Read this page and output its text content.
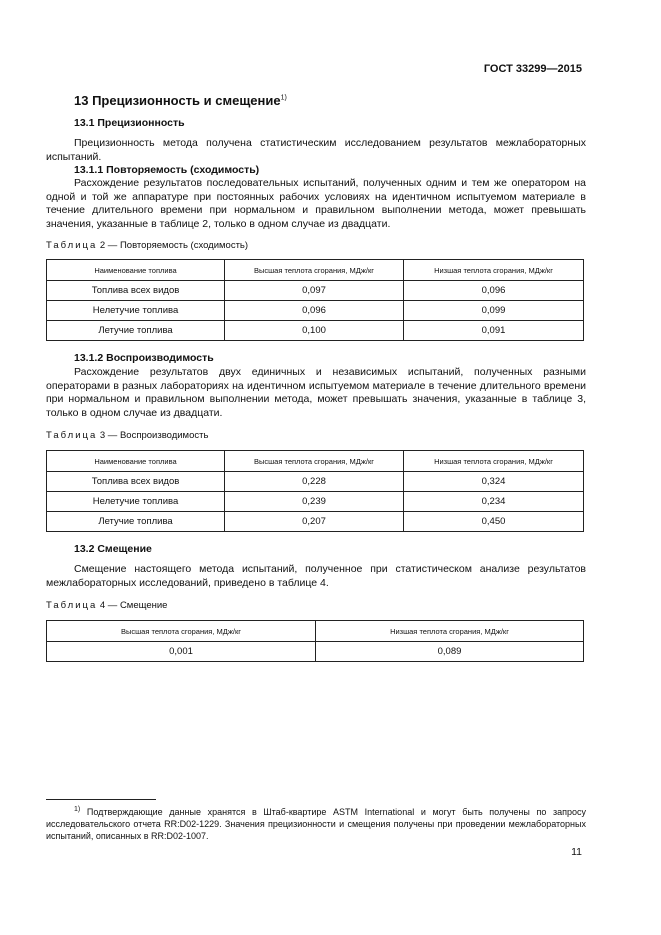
ГОСТ 33299—2015
13 Прецизионность и смещение$^{1)}$
13.1 Прецизионность

Прецизионность метода получена статистическим исследованием результатов межлабораторных испытаний.

13.1.1 Повторяемость (сходимость)

Расхождение результатов последовательных испытаний, полученных одним и тем же оператором на одной и той же аппаратуре при постоянных рабочих условиях на идентичном испытуемом материале в течение длительного времени при нормальном и правильном выполнении метода, может превышать значения, указанные в таблице 2, только в одном случае из двадцати.

Таблица 2 — Повторяемость (сходимость)
Наименование топлива	Высшая теплота сгорания, МДж/кг	Низшая теплота сгорания, МДж/кг
Топлива всех видов	0,097	0,096
Нелетучие топлива	0,096	0,099
Летучие топлива	0,100	0,091
13.1.2 Воспроизводимость

Расхождение результатов двух единичных и независимых испытаний, полученных разными операторами в разных лабораториях на идентичном испытуемом материале в течение длительного времени при нормальном и правильном выполнении метода, может превышать значения, указанные в таблице 3, только в одном случае из двадцати.

Таблица 3 — Воспроизводимость
Наименование топлива	Высшая теплота сгорания, МДж/кг	Низшая теплота сгорания, МДж/кг
Топлива всех видов	0,228	0,324
Нелетучие топлива	0,239	0,234
Летучие топлива	0,207	0,450
13.2 Смещение

Смещение настоящего метода испытаний, полученное при статистическом анализе результатов межлабораторных исследований, приведено в таблице 4.

Таблица 4 — Смещение
Высшая теплота сгорания, МДж/кг	Низшая теплота сгорания, МДж/кг
0,001	0,089
$^{1)}$ Подтверждающие данные хранятся в Штаб-квартире ASTM International и могут быть получены по запросу исследовательского отчета RR:D02-1229. Значения прецизионности и смещения получены при проведении межлабораторных испытаний, описанных в RR:D02-1007.
11
